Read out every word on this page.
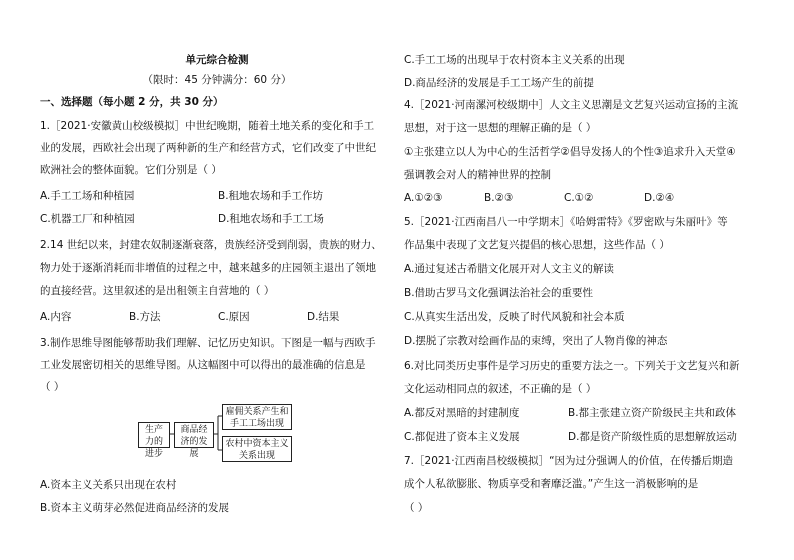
单元综合检测
（限时：45 分钟满分：60 分）
一、选择题（每小题 2 分，共 30 分）
1.［2021·安徽黄山校级模拟］中世纪晚期，随着土地关系的变化和手工
业的发展，西欧社会出现了两种新的生产和经营方式，它们改变了中世纪
欧洲社会的整体面貌。它们分别是（ ）
A.手工工场和种植园	B.租地农场和手工作坊
C.机器工厂和种植园	D.租地农场和手工工场
2.14 世纪以来，封建农奴制逐渐衰落，贵族经济受到削弱，贵族的财力、
物力处于逐渐消耗而非增值的过程之中，越来越多的庄园领主退出了领地
的直接经营。这里叙述的是出租领主自营地的（ ）
A.内容	B.方法	C.原因	D.结果
3.制作思维导图能够帮助我们理解、记忆历史知识。下图是一幅与西欧手
工业发展密切相关的思维导图。从这幅图中可以得出的最准确的信息是
（ ）
生产力的进步
商品经济的发展
雇佣关系产生和手工工场出现
农村中资本主义关系出现
A.资本主义关系只出现在农村
B.资本主义萌芽必然促进商品经济的发展
C.手工工场的出现早于农村资本主义关系的出现
D.商品经济的发展是手工工场产生的前提
4.［2021·河南漯河校级期中］人文主义思潮是文艺复兴运动宣扬的主流
思想，对于这一思想的理解正确的是（ ）
①主张建立以人为中心的生活哲学②倡导发扬人的个性③追求升入天堂④
强调教会对人的精神世界的控制
A.①②③	B.②③	C.①②	D.②④
5.［2021·江西南昌八一中学期末］《哈姆雷特》《罗密欧与朱丽叶》等
作品集中表现了文艺复兴提倡的核心思想，这些作品（ ）
A.通过复述古希腊文化展开对人文主义的解读
B.借助古罗马文化强调法治社会的重要性
C.从真实生活出发，反映了时代风貌和社会本质
D.摆脱了宗教对绘画作品的束缚，突出了人物肖像的神态
6.对比同类历史事件是学习历史的重要方法之一。下列关于文艺复兴和新
文化运动相同点的叙述，不正确的是（ ）
A.都反对黑暗的封建制度	B.都主张建立资产阶级民主共和政体
C.都促进了资本主义发展	D.都是资产阶级性质的思想解放运动
7.［2021·江西南昌校级模拟］“因为过分强调人的价值，在传播后期造
成个人私欲膨胀、物质享受和奢靡泛滥。”产生这一消极影响的是
（ ）
